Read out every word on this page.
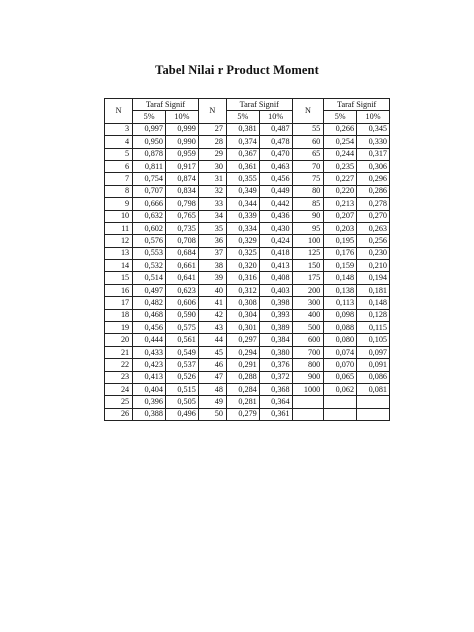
Tabel Nilai r Product Moment
N	Taraf Signif		N	Taraf Signif		N	Taraf Signif	
	5%	10%		5%	10%		5%	10%
3	0,997	0,999	27	0,381	0,487	55	0,266	0,345
4	0,950	0,990	28	0,374	0,478	60	0,254	0,330
5	0,878	0,959	29	0,367	0,470	65	0,244	0,317
6	0,811	0,917	30	0,361	0,463	70	0,235	0,306
7	0,754	0,874	31	0,355	0,456	75	0,227	0,296
8	0,707	0,834	32	0,349	0,449	80	0,220	0,286
9	0,666	0,798	33	0,344	0,442	85	0,213	0,278
10	0,632	0,765	34	0,339	0,436	90	0,207	0,270
11	0,602	0,735	35	0,334	0,430	95	0,203	0,263
12	0,576	0,708	36	0,329	0,424	100	0,195	0,256
13	0,553	0,684	37	0,325	0,418	125	0,176	0,230
14	0,532	0,661	38	0,320	0,413	150	0,159	0,210
15	0,514	0,641	39	0,316	0,408	175	0,148	0,194
16	0,497	0,623	40	0,312	0,403	200	0,138	0,181
17	0,482	0,606	41	0,308	0,398	300	0,113	0,148
18	0,468	0,590	42	0,304	0,393	400	0,098	0,128
19	0,456	0,575	43	0,301	0,389	500	0,088	0,115
20	0,444	0,561	44	0,297	0,384	600	0,080	0,105
21	0,433	0,549	45	0,294	0,380	700	0,074	0,097
22	0,423	0,537	46	0,291	0,376	800	0,070	0,091
23	0,413	0,526	47	0,288	0,372	900	0,065	0,086
24	0,404	0,515	48	0,284	0,368	1000	0,062	0,081
25	0,396	0,505	49	0,281	0,364			
26	0,388	0,496	50	0,279	0,361			
